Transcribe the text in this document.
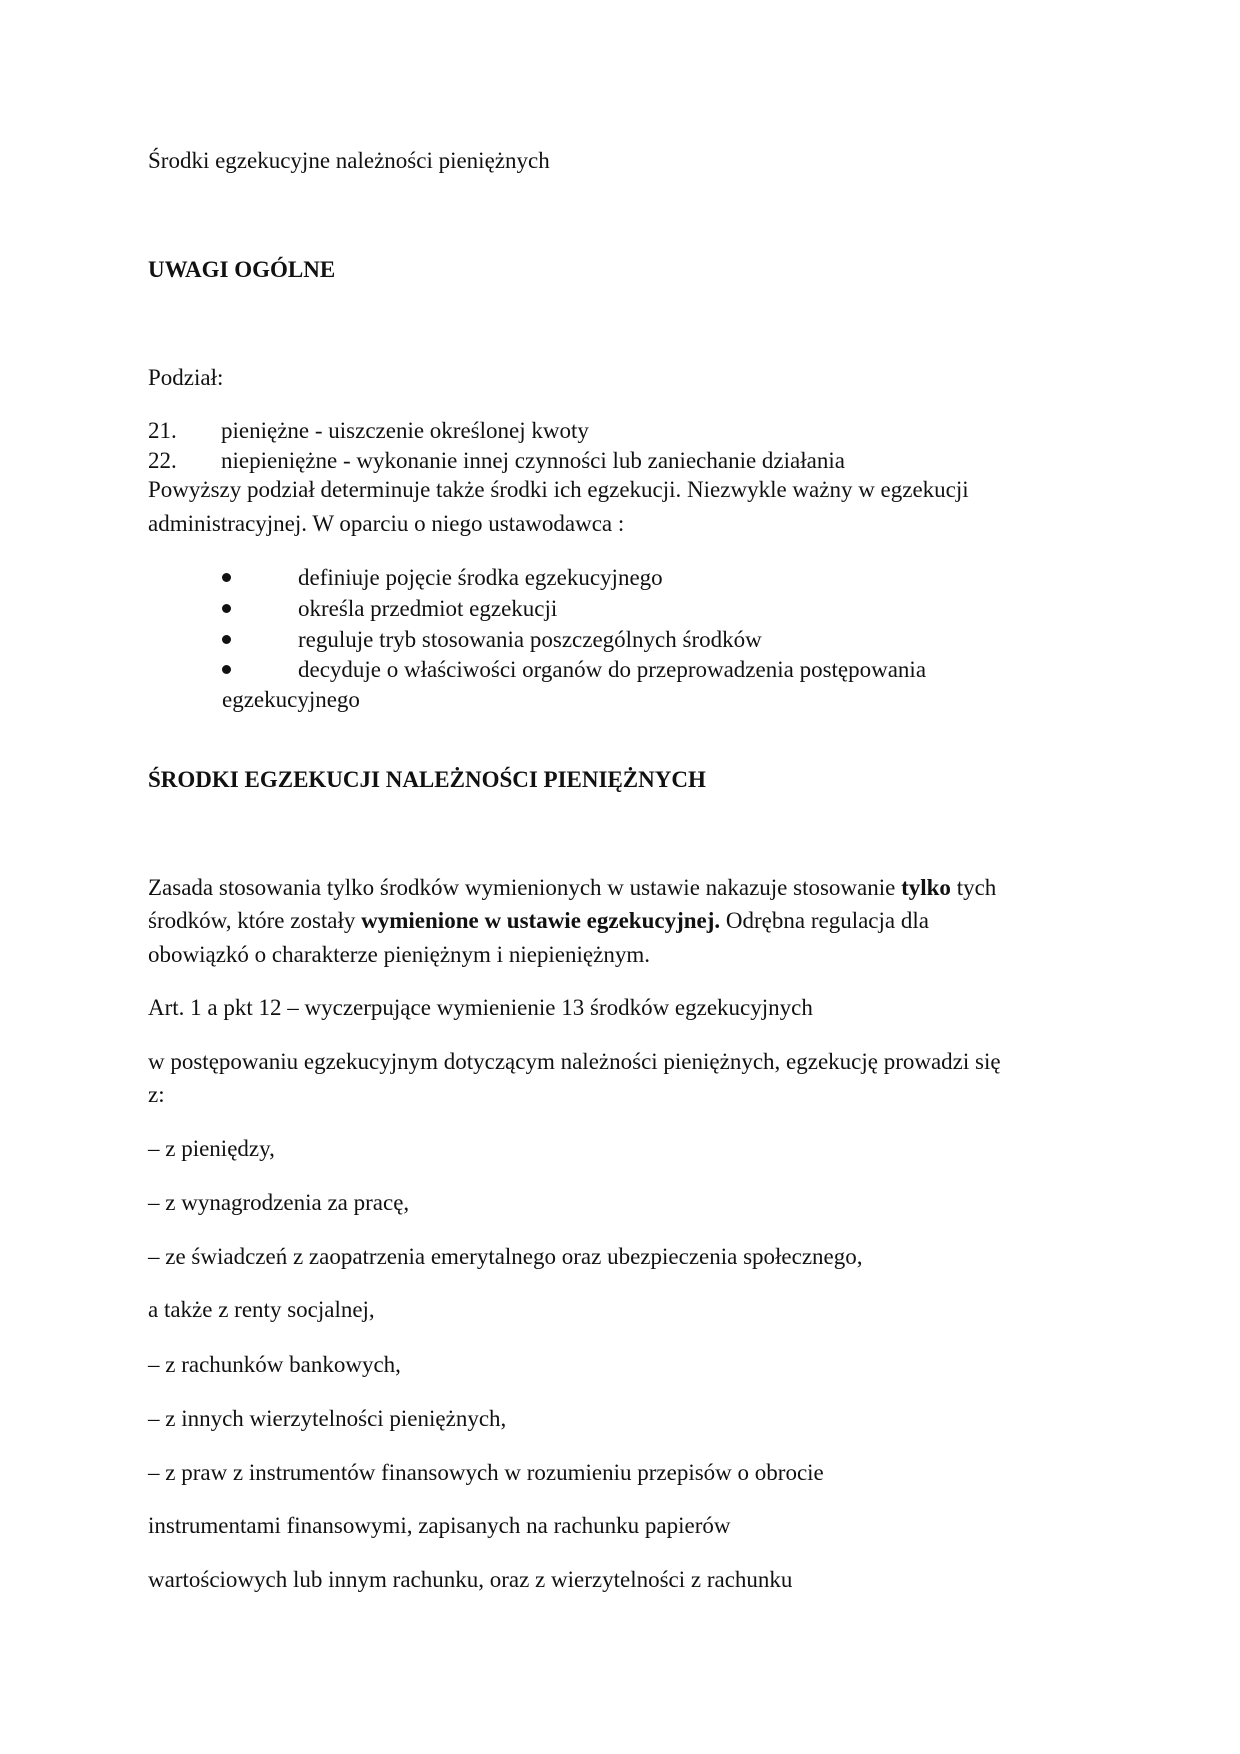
Środki egzekucyjne należności pieniężnych
UWAGI OGÓLNE
Podział:
21. pieniężne - uiszczenie określonej kwoty
22. niepieniężne - wykonanie innej czynności lub zaniechanie działania
Powyższy podział determinuje także środki ich egzekucji. Niezwykle ważny w egzekucji
administracyjnej. W oparciu o niego ustawodawca :
definiuje pojęcie środka egzekucyjnego
określa przedmiot egzekucji
reguluje tryb stosowania poszczególnych środków
decyduje o właściwości organów do przeprowadzenia postępowania
egzekucyjnego
ŚRODKI EGZEKUCJI NALEŻNOŚCI PIENIĘŻNYCH
Zasada stosowania tylko środków wymienionych w ustawie nakazuje stosowanie tylko tych
środków, które zostały wymienione w ustawie egzekucyjnej. Odrębna regulacja dla
obowiązkó o charakterze pieniężnym i niepieniężnym.
Art. 1 a pkt 12 – wyczerpujące wymienienie 13 środków egzekucyjnych
w postępowaniu egzekucyjnym dotyczącym należności pieniężnych, egzekucję prowadzi się
z:
– z pieniędzy,
– z wynagrodzenia za pracę,
– ze świadczeń z zaopatrzenia emerytalnego oraz ubezpieczenia społecznego,
a także z renty socjalnej,
– z rachunków bankowych,
– z innych wierzytelności pieniężnych,
– z praw z instrumentów finansowych w rozumieniu przepisów o obrocie
instrumentami finansowymi, zapisanych na rachunku papierów
wartościowych lub innym rachunku, oraz z wierzytelności z rachunku
